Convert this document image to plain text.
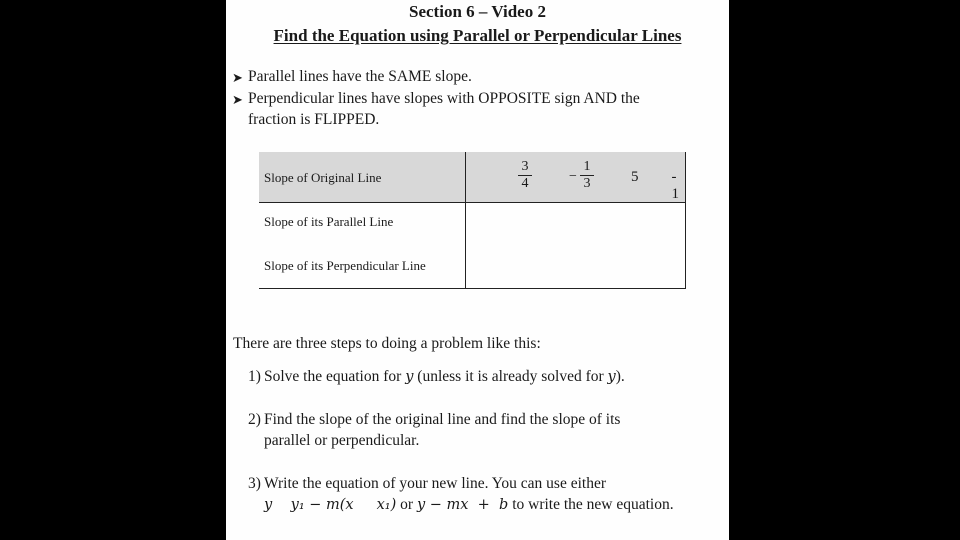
Section 6 – Video 2
Find the Equation using Parallel or Perpendicular Lines
➤ Parallel lines have the SAME slope.
➤ Perpendicular lines have slopes with OPPOSITE sign AND the
fraction is FLIPPED.
Slope of Original Line
Slope of its Parallel Line
Slope of its Perpendicular Line
3
4	−
1
3	5 - 1
There are three steps to doing a problem like this:
1) Solve the equation for y (unless it is already solved for y).
2) Find the slope of the original line and find the slope of its
parallel or perpendicular.
3) Write the equation of your new line. You can use either
y    y₁ − m(x     x₁) or y − mx  +  b to write the new equation.
